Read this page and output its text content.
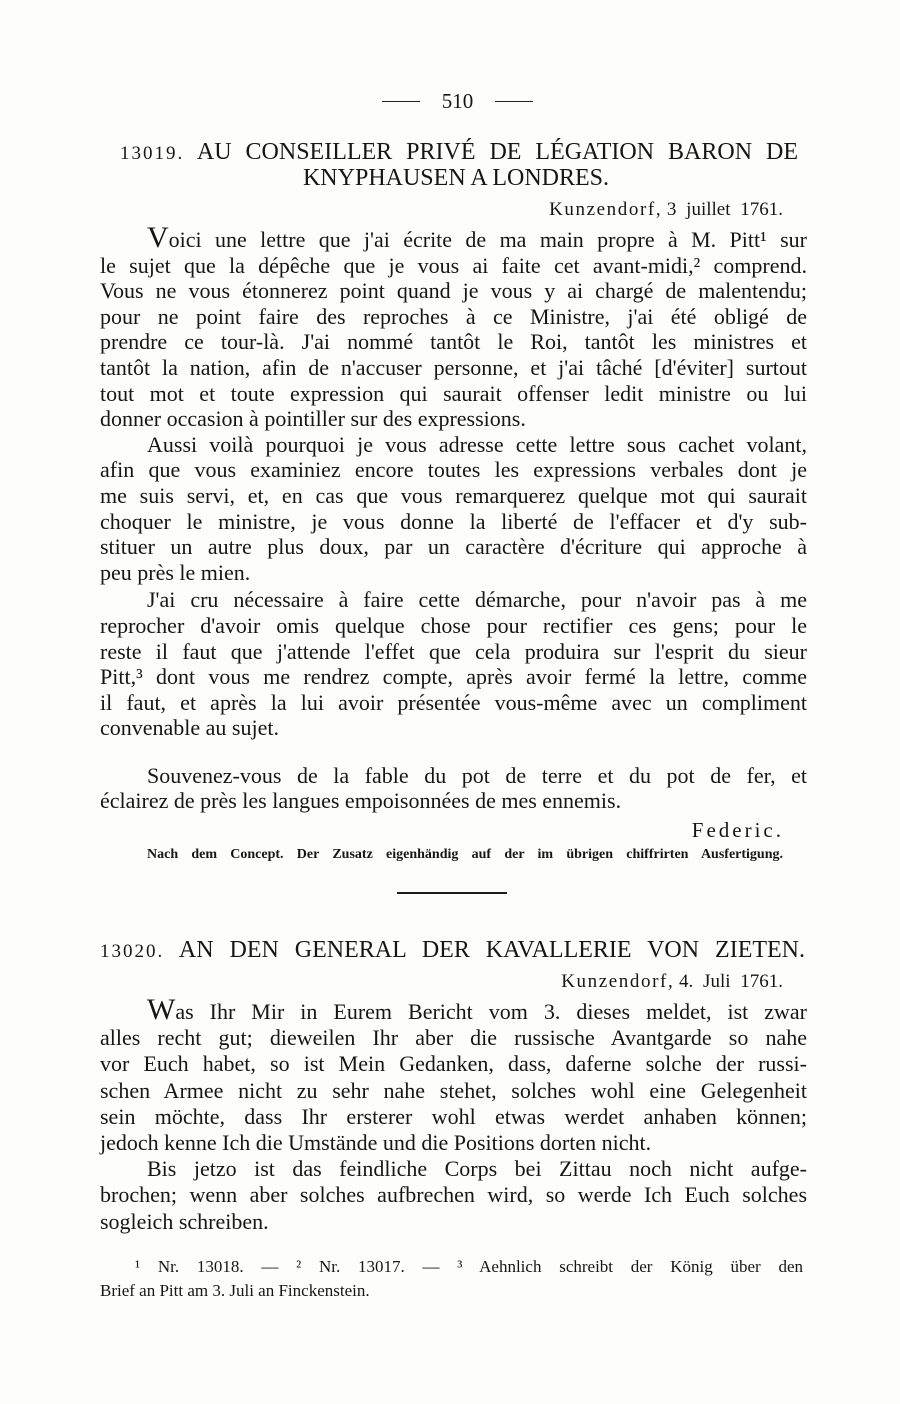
510
13019. AU CONSEILLER PRIVÉ DE LÉGATION BARON DE
KNYPHAUSEN A LONDRES.
Kunzendorf, 3 juillet 1761.
Voici une lettre que j'ai écrite de ma main propre à M. Pitt¹ sur
le sujet que la dépêche que je vous ai faite cet avant-midi,² comprend.
Vous ne vous étonnerez point quand je vous y ai chargé de malentendu;
pour ne point faire des reproches à ce Ministre, j'ai été obligé de
prendre ce tour-là. J'ai nommé tantôt le Roi, tantôt les ministres et
tantôt la nation, afin de n'accuser personne, et j'ai tâché [d'éviter] surtout
tout mot et toute expression qui saurait offenser ledit ministre ou lui
donner occasion à pointiller sur des expressions.
Aussi voilà pourquoi je vous adresse cette lettre sous cachet volant,
afin que vous examiniez encore toutes les expressions verbales dont je
me suis servi, et, en cas que vous remarquerez quelque mot qui saurait
choquer le ministre, je vous donne la liberté de l'effacer et d'y sub-
stituer un autre plus doux, par un caractère d'écriture qui approche à
peu près le mien.
J'ai cru nécessaire à faire cette démarche, pour n'avoir pas à me
reprocher d'avoir omis quelque chose pour rectifier ces gens; pour le
reste il faut que j'attende l'effet que cela produira sur l'esprit du sieur
Pitt,³ dont vous me rendrez compte, après avoir fermé la lettre, comme
il faut, et après la lui avoir présentée vous-même avec un compliment
convenable au sujet.
Souvenez-vous de la fable du pot de terre et du pot de fer, et
éclairez de près les langues empoisonnées de mes ennemis.
Federic.
Nach dem Concept. Der Zusatz eigenhändig auf der im übrigen chiffrirten Ausfertigung.
13020. AN DEN GENERAL DER KAVALLERIE VON ZIETEN.
Kunzendorf, 4. Juli 1761.
Was Ihr Mir in Eurem Bericht vom 3. dieses meldet, ist zwar
alles recht gut; dieweilen Ihr aber die russische Avantgarde so nahe
vor Euch habet, so ist Mein Gedanken, dass, daferne solche der russi-
schen Armee nicht zu sehr nahe stehet, solches wohl eine Gelegenheit
sein möchte, dass Ihr ersterer wohl etwas werdet anhaben können;
jedoch kenne Ich die Umstände und die Positions dorten nicht.
Bis jetzo ist das feindliche Corps bei Zittau noch nicht aufge-
brochen; wenn aber solches aufbrechen wird, so werde Ich Euch solches
sogleich schreiben.
¹ Nr. 13018. — ² Nr. 13017. — ³ Aehnlich schreibt der König über den
Brief an Pitt am 3. Juli an Finckenstein.
